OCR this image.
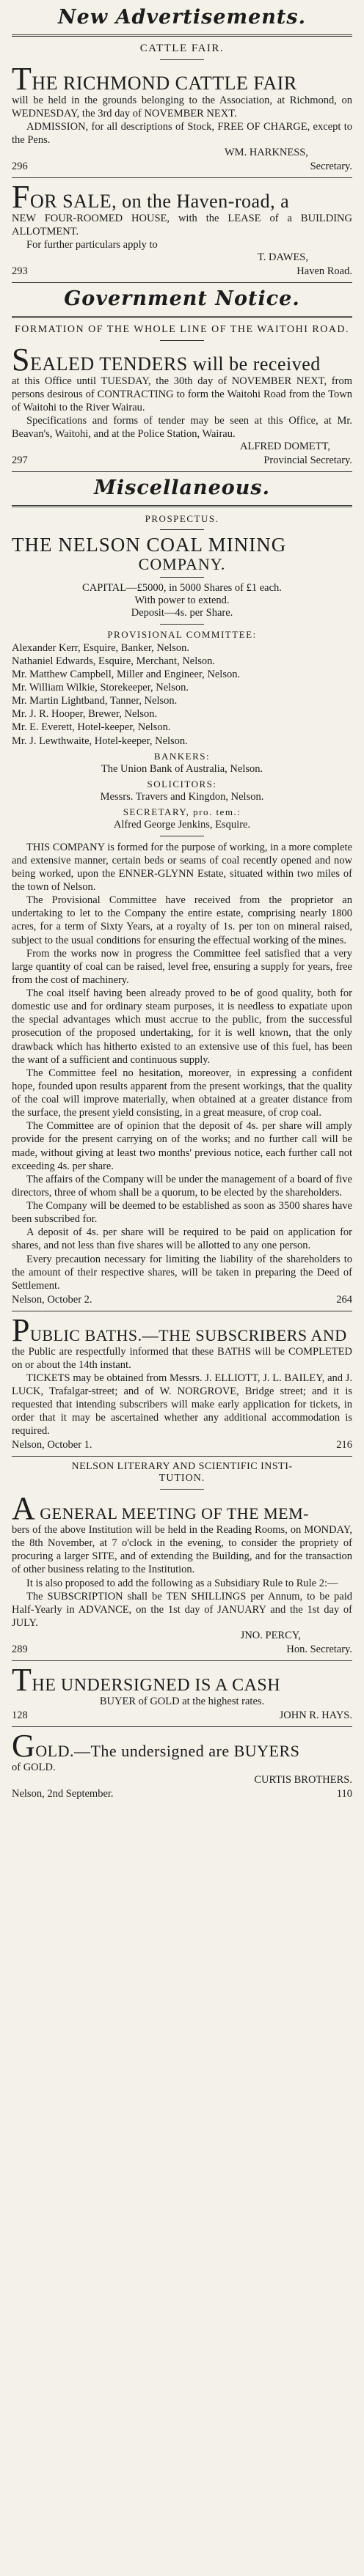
New Advertisements.
CATTLE FAIR.
THE RICHMOND CATTLE FAIR

will be held in the grounds belonging to the Association, at Richmond, on WEDNESDAY, the 3rd day of NOVEMBER NEXT.

ADMISSION, for all descriptions of Stock, FREE OF CHARGE, except to the Pens.

WM. HARKNESS,
296	Secretary.
FOR SALE, on the Haven-road, a

NEW FOUR-ROOMED HOUSE, with the LEASE of a BUILDING ALLOTMENT.

For further particulars apply to

T. DAWES,
293	Haven Road.
Government Notice.
FORMATION OF THE WHOLE LINE OF THE WAITOHI ROAD.
SEALED TENDERS will be received

at this Office until TUESDAY, the 30th day of NOVEMBER NEXT, from persons desirous of CONTRACTING to form the Waitohi Road from the Town of Waitohi to the River Wairau.

Specifications and forms of tender may be seen at this Office, at Mr. Beavan's, Waitohi, and at the Police Station, Wairau.

ALFRED DOMETT,
297	Provincial Secretary.
Miscellaneous.
PROSPECTUS.
THE NELSON COAL MINING
COMPANY.
CAPITAL—£5000, in 5000 Shares of £1 each.
With power to extend.
Deposit—4s. per Share.
PROVISIONAL COMMITTEE:
Alexander Kerr, Esquire, Banker, Nelson.
Nathaniel Edwards, Esquire, Merchant, Nelson.
Mr. Matthew Campbell, Miller and Engineer, Nelson.
Mr. William Wilkie, Storekeeper, Nelson.
Mr. Martin Lightband, Tanner, Nelson.
Mr. J. R. Hooper, Brewer, Nelson.
Mr. E. Everett, Hotel-keeper, Nelson.
Mr. J. Lewthwaite, Hotel-keeper, Nelson.
BANKERS:
The Union Bank of Australia, Nelson.
SOLICITORS:
Messrs. Travers and Kingdon, Nelson.
SECRETARY, pro. tem.:
Alfred George Jenkins, Esquire.

THIS COMPANY is formed for the purpose of working, in a more complete and extensive manner, certain beds or seams of coal recently opened and now being worked, upon the ENNER-GLYNN Estate, situated within two miles of the town of Nelson.

The Provisional Committee have received from the proprietor an undertaking to let to the Company the entire estate, comprising nearly 1800 acres, for a term of Sixty Years, at a royalty of 1s. per ton on mineral raised, subject to the usual conditions for ensuring the effectual working of the mines.

From the works now in progress the Committee feel satisfied that a very large quantity of coal can be raised, level free, ensuring a supply for years, free from the cost of machinery.

The coal itself having been already proved to be of good quality, both for domestic use and for ordinary steam purposes, it is needless to expatiate upon the special advantages which must accrue to the public, from the successful prosecution of the proposed undertaking, for it is well known, that the only drawback which has hitherto existed to an extensive use of this fuel, has been the want of a sufficient and continuous supply.

The Committee feel no hesitation, moreover, in expressing a confident hope, founded upon results apparent from the present workings, that the quality of the coal will improve materially, when obtained at a greater distance from the surface, the present yield consisting, in a great measure, of crop coal.

The Committee are of opinion that the deposit of 4s. per share will amply provide for the present carrying on of the works; and no further call will be made, without giving at least two months' previous notice, each further call not exceeding 4s. per share.

The affairs of the Company will be under the management of a board of five directors, three of whom shall be a quorum, to be elected by the shareholders.

The Company will be deemed to be established as soon as 3500 shares have been subscribed for.

A deposit of 4s. per share will be required to be paid on application for shares, and not less than five shares will be allotted to any one person.

Every precaution necessary for limiting the liability of the shareholders to the amount of their respective shares, will be taken in preparing the Deed of Settlement.

Nelson, October 2.	264
PUBLIC BATHS.—THE SUBSCRIBERS AND

the Public are respectfully informed that these BATHS will be COMPLETED on or about the 14th instant.

TICKETS may be obtained from Messrs. J. ELLIOTT, J. L. BAILEY, and J. LUCK, Trafalgar-street; and of W. NORGROVE, Bridge street; and it is requested that intending subscribers will make early application for tickets, in order that it may be ascertained whether any additional accommodation is required.

Nelson, October 1.	216
NELSON LITERARY AND SCIENTIFIC INSTI-
TUTION.
A GENERAL MEETING OF THE MEM-

bers of the above Institution will be held in the Reading Rooms, on MONDAY, the 8th November, at 7 o'clock in the evening, to consider the propriety of procuring a larger SITE, and of extending the Building, and for the transaction of other business relating to the Institution.

It is also proposed to add the following as a Subsidiary Rule to Rule 2:—

The SUBSCRIPTION shall be TEN SHILLINGS per Annum, to be paid Half-Yearly in ADVANCE, on the 1st day of JANUARY and the 1st day of JULY.

JNO. PERCY,
289	Hon. Secretary.
THE UNDERSIGNED IS A CASH

BUYER of GOLD at the highest rates.

128	JOHN R. HAYS.
GOLD.—The undersigned are BUYERS

of GOLD.

CURTIS BROTHERS.
Nelson, 2nd September.	110
